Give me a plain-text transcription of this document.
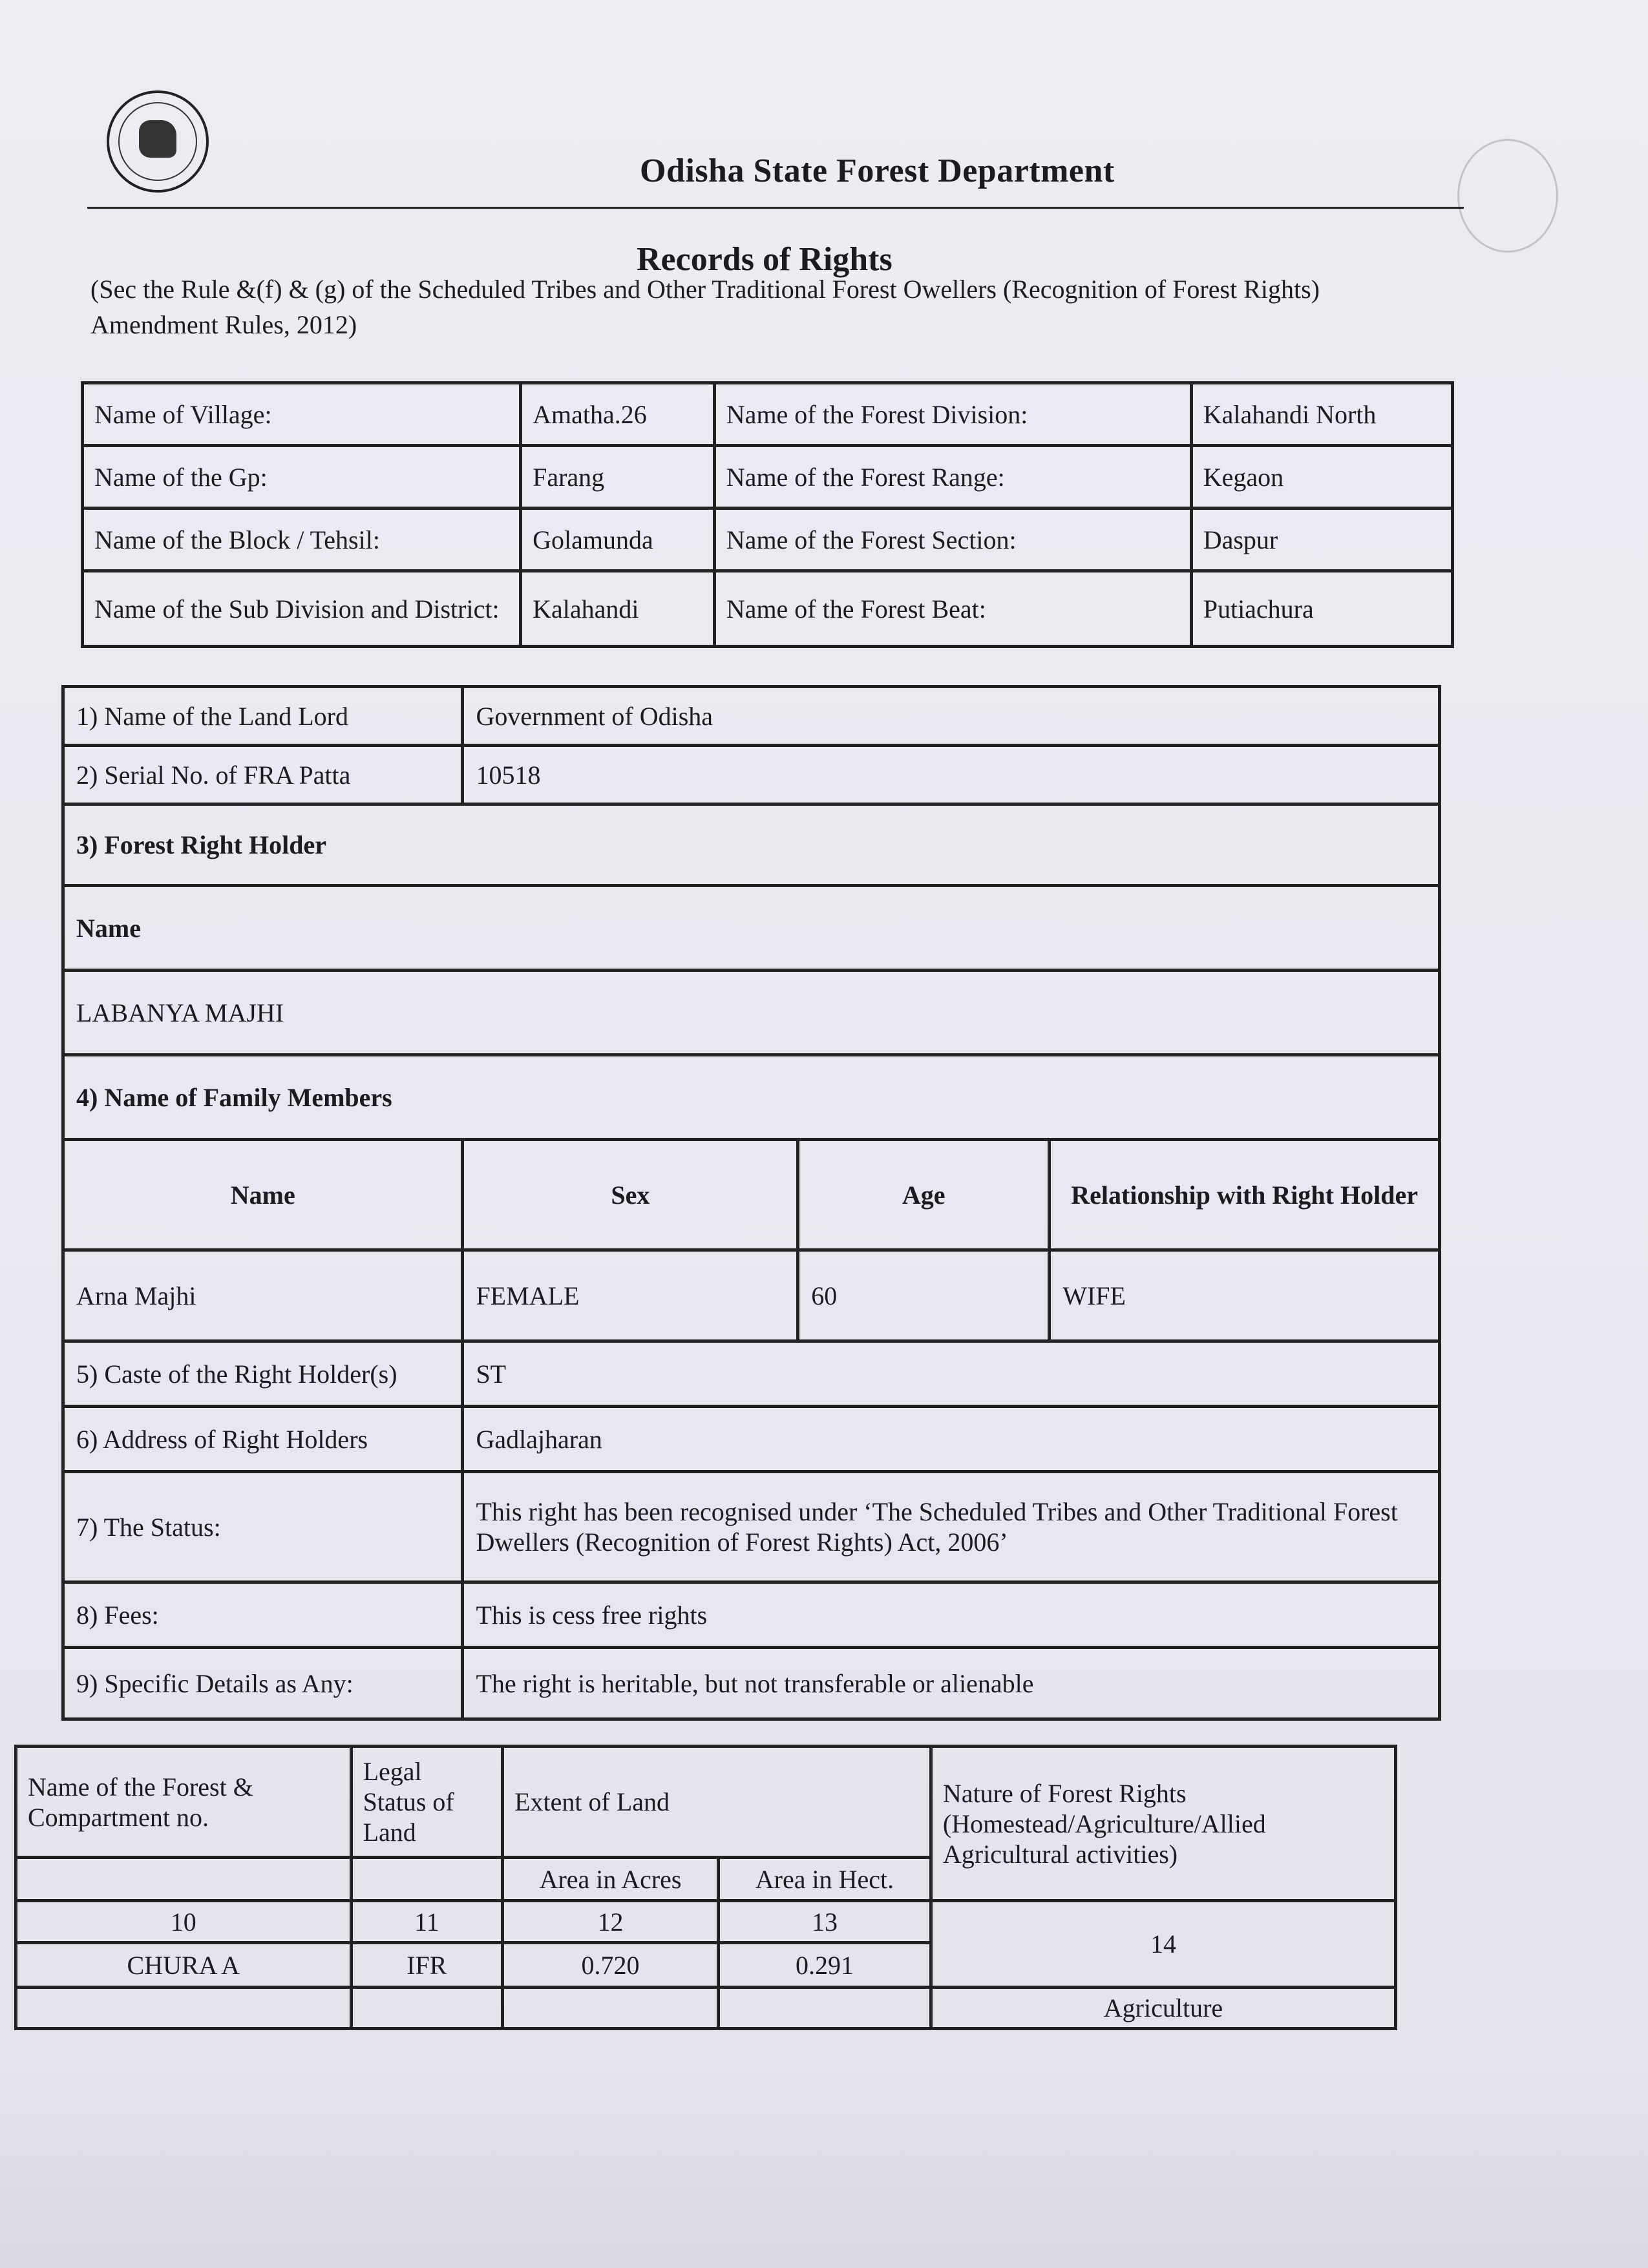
Odisha State Forest Department
Records of Rights
(Sec the Rule &(f) & (g) of the Scheduled Tribes and Other Traditional Forest Owellers (Recognition of Forest Rights) Amendment Rules, 2012)
Name of Village:	Amatha.26	Name of the Forest Division:	Kalahandi North
Name of the Gp:	Farang	Name of the Forest Range:	Kegaon
Name of the Block / Tehsil:	Golamunda	Name of the Forest Section:	Daspur
Name of the Sub Division and District:	Kalahandi	Name of the Forest Beat:	Putiachura
1) Name of the Land Lord	Government of Odisha		
2) Serial No. of FRA Patta	10518		
3) Forest Right Holder			
Name			
LABANYA MAJHI			
4) Name of Family Members			
Name	Sex	Age	Relationship with Right Holder
Arna Majhi	FEMALE	60	WIFE
5) Caste of the Right Holder(s)	ST		
6) Address of Right Holders	Gadlajharan		
7) The Status:	This right has been recognised under ‘The Scheduled Tribes and Other Traditional Forest Dwellers (Recognition of Forest Rights) Act, 2006’		
8) Fees:	This is cess free rights		
9) Specific Details as Any:	The right is heritable, but not transferable or alienable		
Name of the Forest & Compartment no.	Legal Status of Land	Extent of Land		Nature of Forest Rights (Homestead/Agriculture/Allied Agricultural activities)
		Area in Acres	Area in Hect.	
10	11	12	13	14
CHURA A	IFR	0.720	0.291	
				Agriculture
